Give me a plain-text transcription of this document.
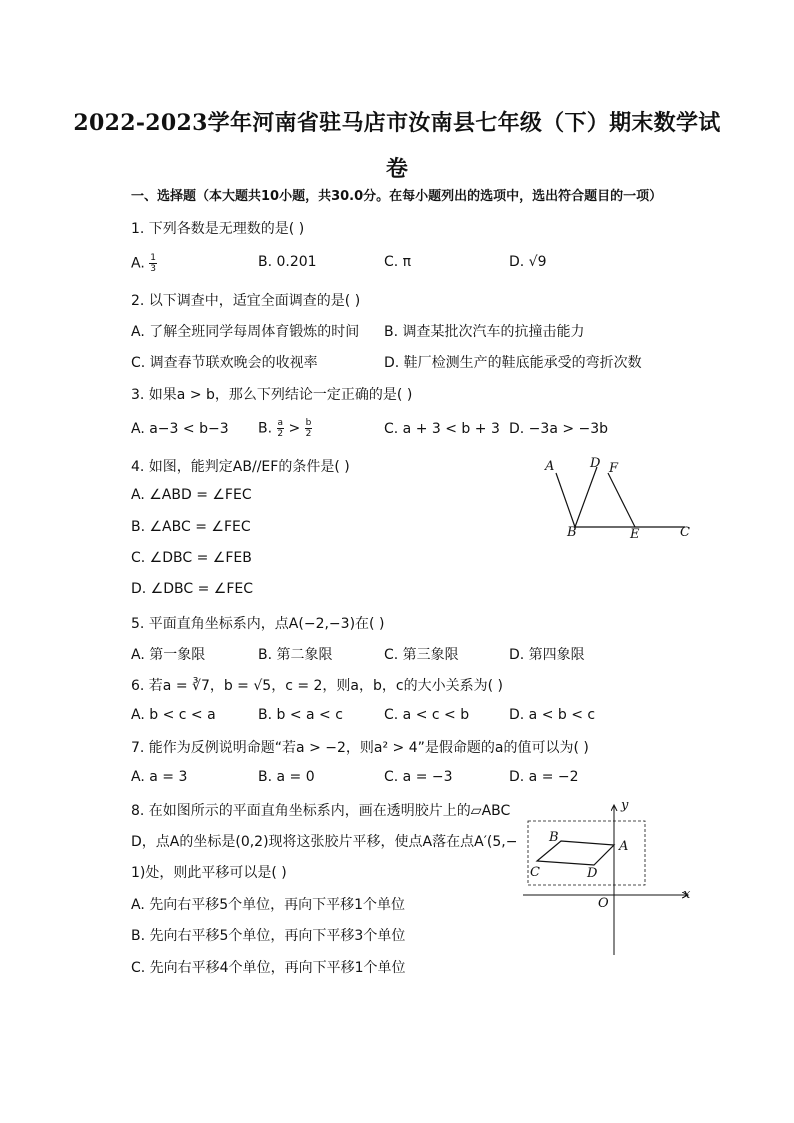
2022-2023学年河南省驻马店市汝南县七年级（下）期末数学试
卷
一、选择题（本大题共10小题，共30.0分。在每小题列出的选项中，选出符合题目的一项）
1. 下列各数是无理数的是( )
A. $\frac{1}{3}$	B. 0.201	C. π	D. √9
2. 以下调查中，适宜全面调查的是( )
A. 了解全班同学每周体育锻炼的时间 B. 调查某批次汽车的抗撞击能力
C. 调查春节联欢晚会的收视率	D. 鞋厂检测生产的鞋底能承受的弯折次数
3. 如果a > b，那么下列结论一定正确的是( )
A. a−3 < b−3 B. $\frac{a}{2} > \frac{b}{2}$	C. a + 3 < b + 3 D. −3a > −3b
4. 如图，能判定AB//EF的条件是( )
A. ∠ABD = ∠FEC
B. ∠ABC = ∠FEC
C. ∠DBC = ∠FEB
D. ∠DBC = ∠FEC
A	D F
B	E	C
5. 平面直角坐标系内，点A(−2,−3)在( )
A. 第一象限	B. 第二象限	C. 第三象限	D. 第四象限
6. 若a = ∛7，b = √5，c = 2，则a，b，c的大小关系为( )
A. b < c < a	B. b < a < c	C. a < c < b	D. a < b < c
7. 能作为反例说明命题“若a > −2，则a² > 4”是假命题的a的值可以为( )
A. a = 3	B. a = 0	C. a = −3	D. a = −2
8. 在如图所示的平面直角坐标系内，画在透明胶片上的▱ABC
D，点A的坐标是(0,2)现将这张胶片平移，使点A落在点A′(5,−
1)处，则此平移可以是( )
A. 先向右平移5个单位，再向下平移1个单位
B. 先向右平移5个单位，再向下平移3个单位
C. 先向右平移4个单位，再向下平移1个单位
y
x
O
A
B
C	D
